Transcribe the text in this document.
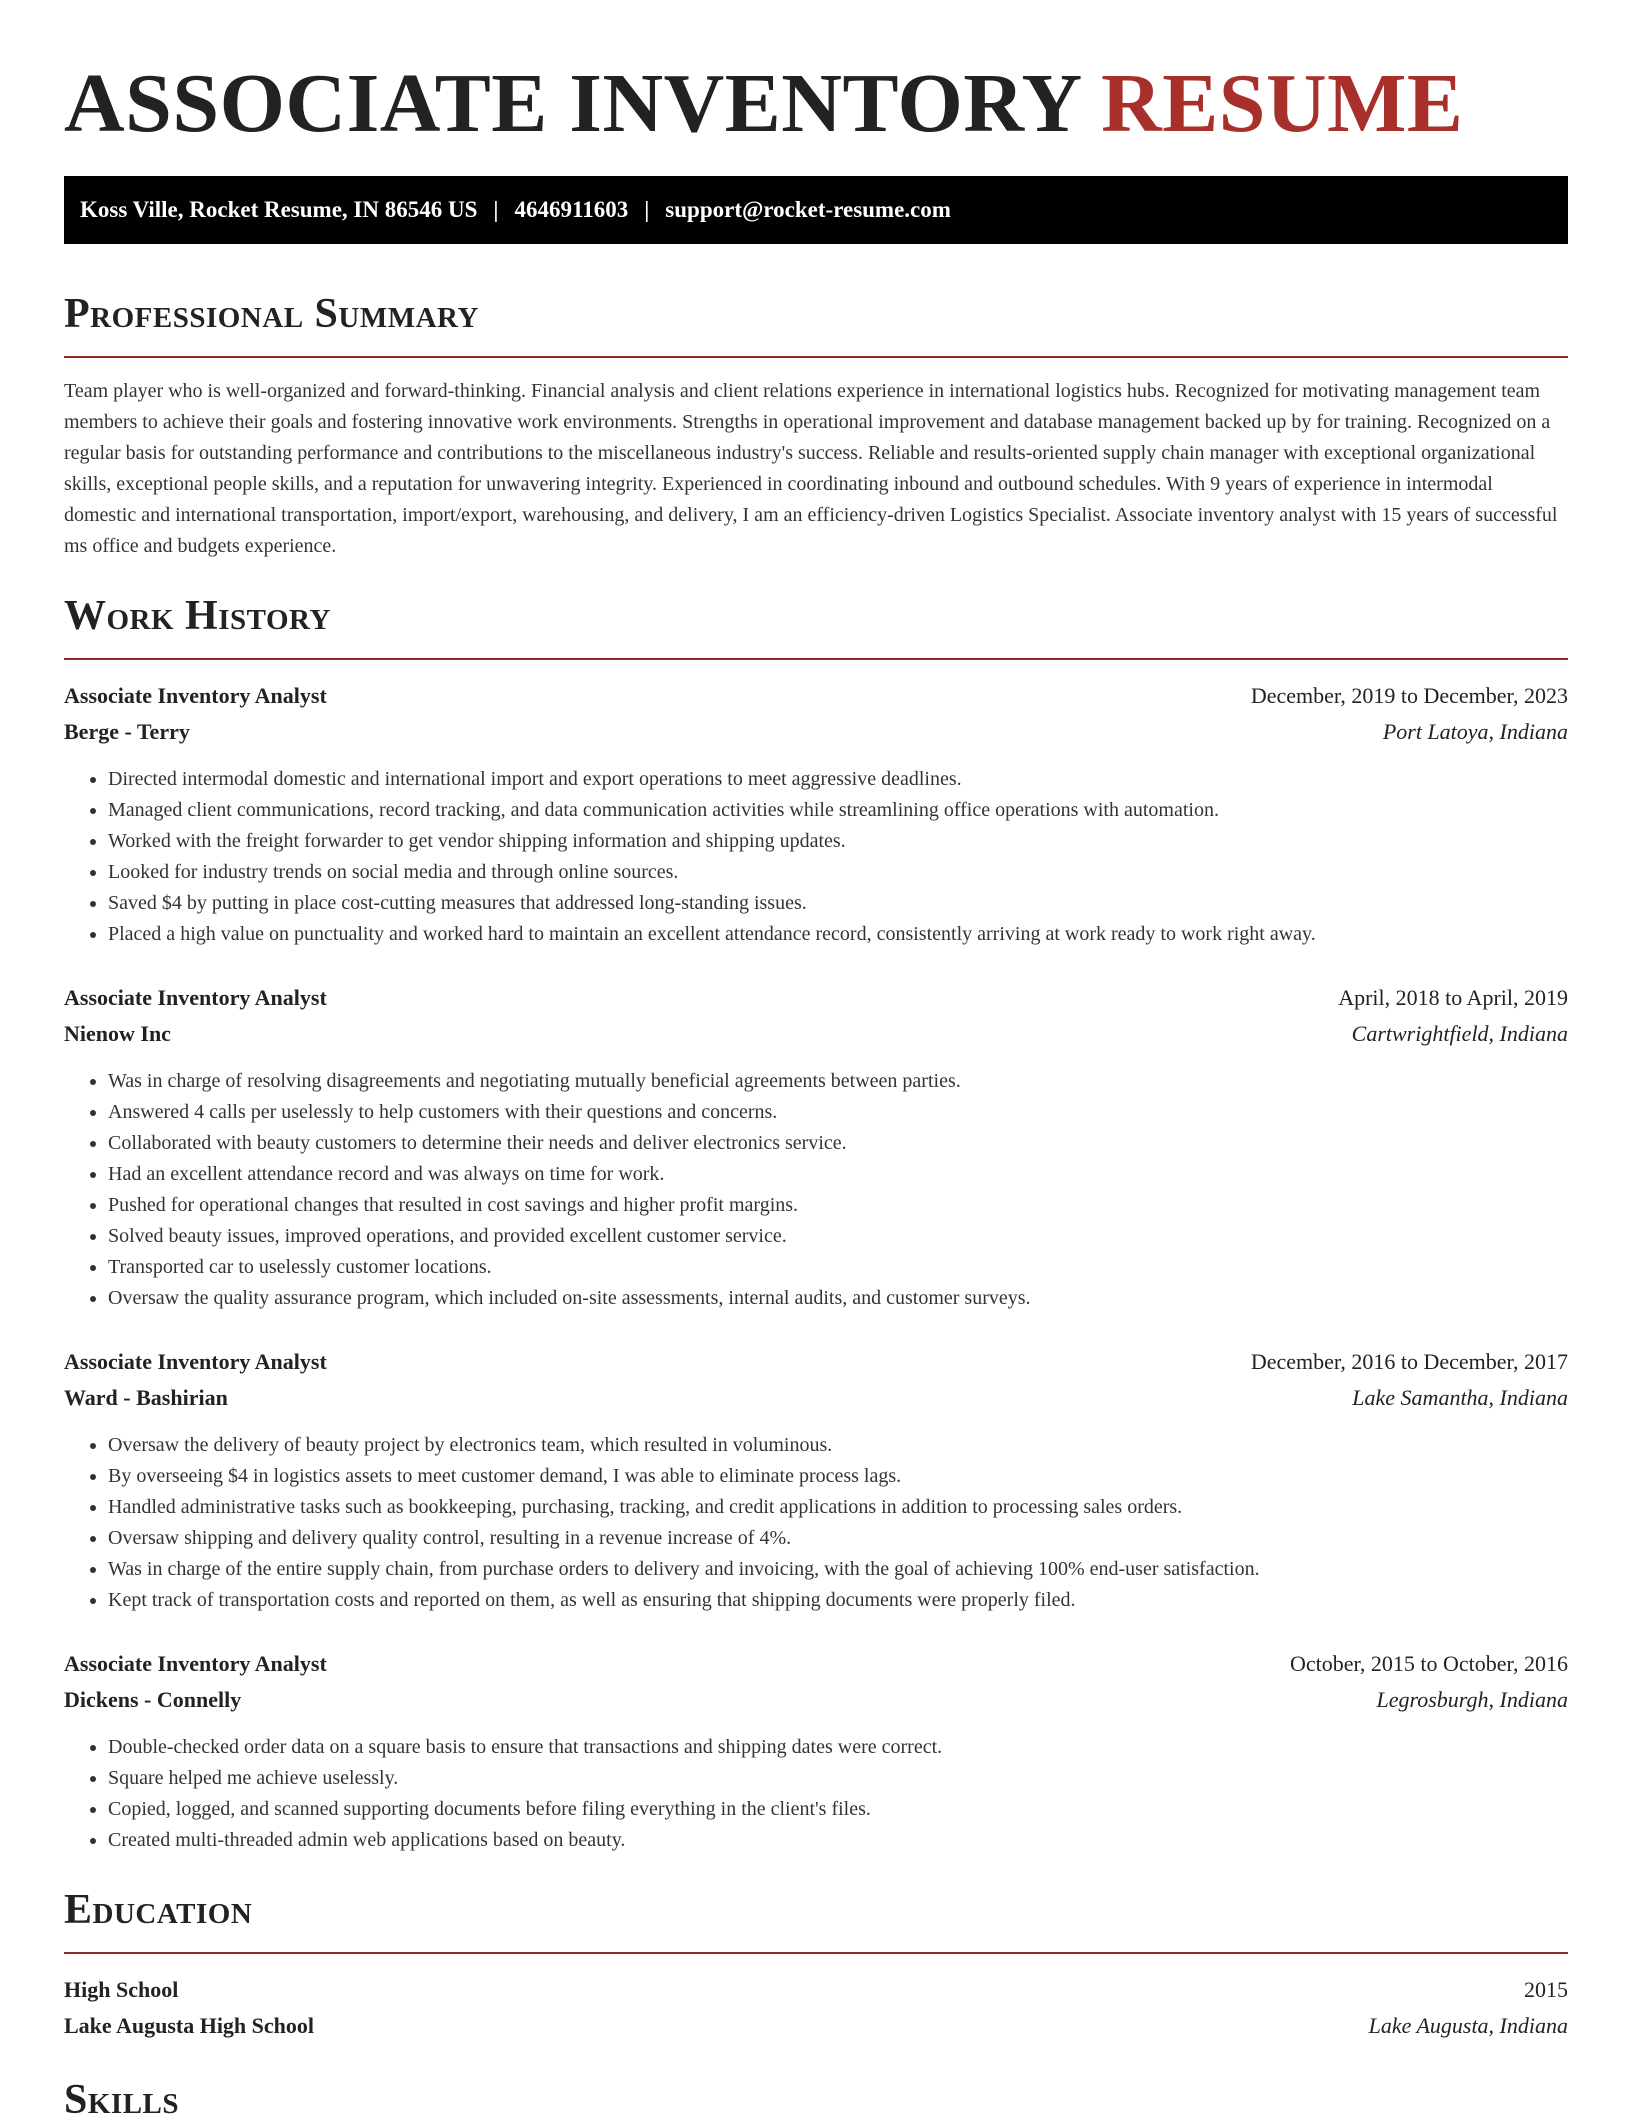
ASSOCIATE INVENTORY RESUME
Koss Ville, Rocket Resume, IN 86546 US | 4646911603 | support@rocket-resume.com
Professional Summary

Team player who is well-organized and forward-thinking. Financial analysis and client relations experience in international logistics hubs. Recognized for motivating management team members to achieve their goals and fostering innovative work environments. Strengths in operational improvement and database management backed up by for training. Recognized on a regular basis for outstanding performance and contributions to the miscellaneous industry's success. Reliable and results-oriented supply chain manager with exceptional organizational skills, exceptional people skills, and a reputation for unwavering integrity. Experienced in coordinating inbound and outbound schedules. With 9 years of experience in intermodal domestic and international transportation, import/export, warehousing, and delivery, I am an efficiency-driven Logistics Specialist. Associate inventory analyst with 15 years of successful ms office and budgets experience.

Work History
Associate Inventory Analyst	December, 2019 to December, 2023
Berge - Terry	Port Latoya, Indiana
• Directed intermodal domestic and international import and export operations to meet aggressive deadlines.
• Managed client communications, record tracking, and data communication activities while streamlining office operations with automation.
• Worked with the freight forwarder to get vendor shipping information and shipping updates.
• Looked for industry trends on social media and through online sources.
• Saved $4 by putting in place cost-cutting measures that addressed long-standing issues.
• Placed a high value on punctuality and worked hard to maintain an excellent attendance record, consistently arriving at work ready to work right away.
Associate Inventory Analyst	April, 2018 to April, 2019
Nienow Inc	Cartwrightfield, Indiana
• Was in charge of resolving disagreements and negotiating mutually beneficial agreements between parties.
• Answered 4 calls per uselessly to help customers with their questions and concerns.
• Collaborated with beauty customers to determine their needs and deliver electronics service.
• Had an excellent attendance record and was always on time for work.
• Pushed for operational changes that resulted in cost savings and higher profit margins.
• Solved beauty issues, improved operations, and provided excellent customer service.
• Transported car to uselessly customer locations.
• Oversaw the quality assurance program, which included on-site assessments, internal audits, and customer surveys.
Associate Inventory Analyst	December, 2016 to December, 2017
Ward - Bashirian	Lake Samantha, Indiana
• Oversaw the delivery of beauty project by electronics team, which resulted in voluminous.
• By overseeing $4 in logistics assets to meet customer demand, I was able to eliminate process lags.
• Handled administrative tasks such as bookkeeping, purchasing, tracking, and credit applications in addition to processing sales orders.
• Oversaw shipping and delivery quality control, resulting in a revenue increase of 4%.
• Was in charge of the entire supply chain, from purchase orders to delivery and invoicing, with the goal of achieving 100% end-user satisfaction.
• Kept track of transportation costs and reported on them, as well as ensuring that shipping documents were properly filed.
Associate Inventory Analyst	October, 2015 to October, 2016
Dickens - Connelly	Legrosburgh, Indiana
• Double-checked order data on a square basis to ensure that transactions and shipping dates were correct.
• Square helped me achieve uselessly.
• Copied, logged, and scanned supporting documents before filing everything in the client's files.
• Created multi-threaded admin web applications based on beauty.
Education
High School	2015
Lake Augusta High School	Lake Augusta, Indiana
Skills
